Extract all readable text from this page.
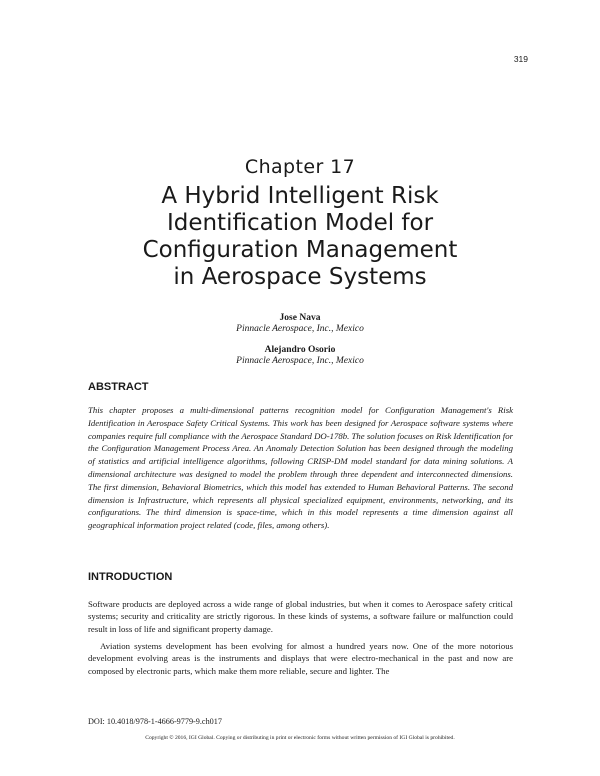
319
Chapter 17
A Hybrid Intelligent Risk
Identification Model for
Configuration Management
in Aerospace Systems
Jose Nava
Pinnacle Aerospace, Inc., Mexico
Alejandro Osorio
Pinnacle Aerospace, Inc., Mexico
ABSTRACT

This chapter proposes a multi-dimensional patterns recognition model for Configuration Management's Risk Identification in Aerospace Safety Critical Systems. This work has been designed for Aerospace software systems where companies require full compliance with the Aerospace Standard DO-178b. The solution focuses on Risk Identification for the Configuration Management Process Area. An Anomaly Detection Solution has been designed through the modeling of statistics and artificial intelligence algorithms, following CRISP-DM model standard for data mining solutions. A dimensional architecture was designed to model the problem through three dependent and interconnected dimensions. The first dimension, Behavioral Biometrics, which this model has extended to Human Behavioral Patterns. The second dimension is Infrastructure, which represents all physical specialized equipment, environments, networking, and its configurations. The third dimension is space-time, which in this model represents a time dimension against all geographical information project related (code, files, among others).

INTRODUCTION

Software products are deployed across a wide range of global industries, but when it comes to Aerospace safety critical systems; security and criticality are strictly rigorous. In these kinds of systems, a software failure or malfunction could result in loss of life and significant property damage.

Aviation systems development has been evolving for almost a hundred years now. One of the more notorious development evolving areas is the instruments and displays that were electro-mechanical in the past and now are composed by electronic parts, which make them more reliable, secure and lighter. The

DOI: 10.4018/978-1-4666-9779-9.ch017
Copyright © 2016, IGI Global. Copying or distributing in print or electronic forms without written permission of IGI Global is prohibited.
